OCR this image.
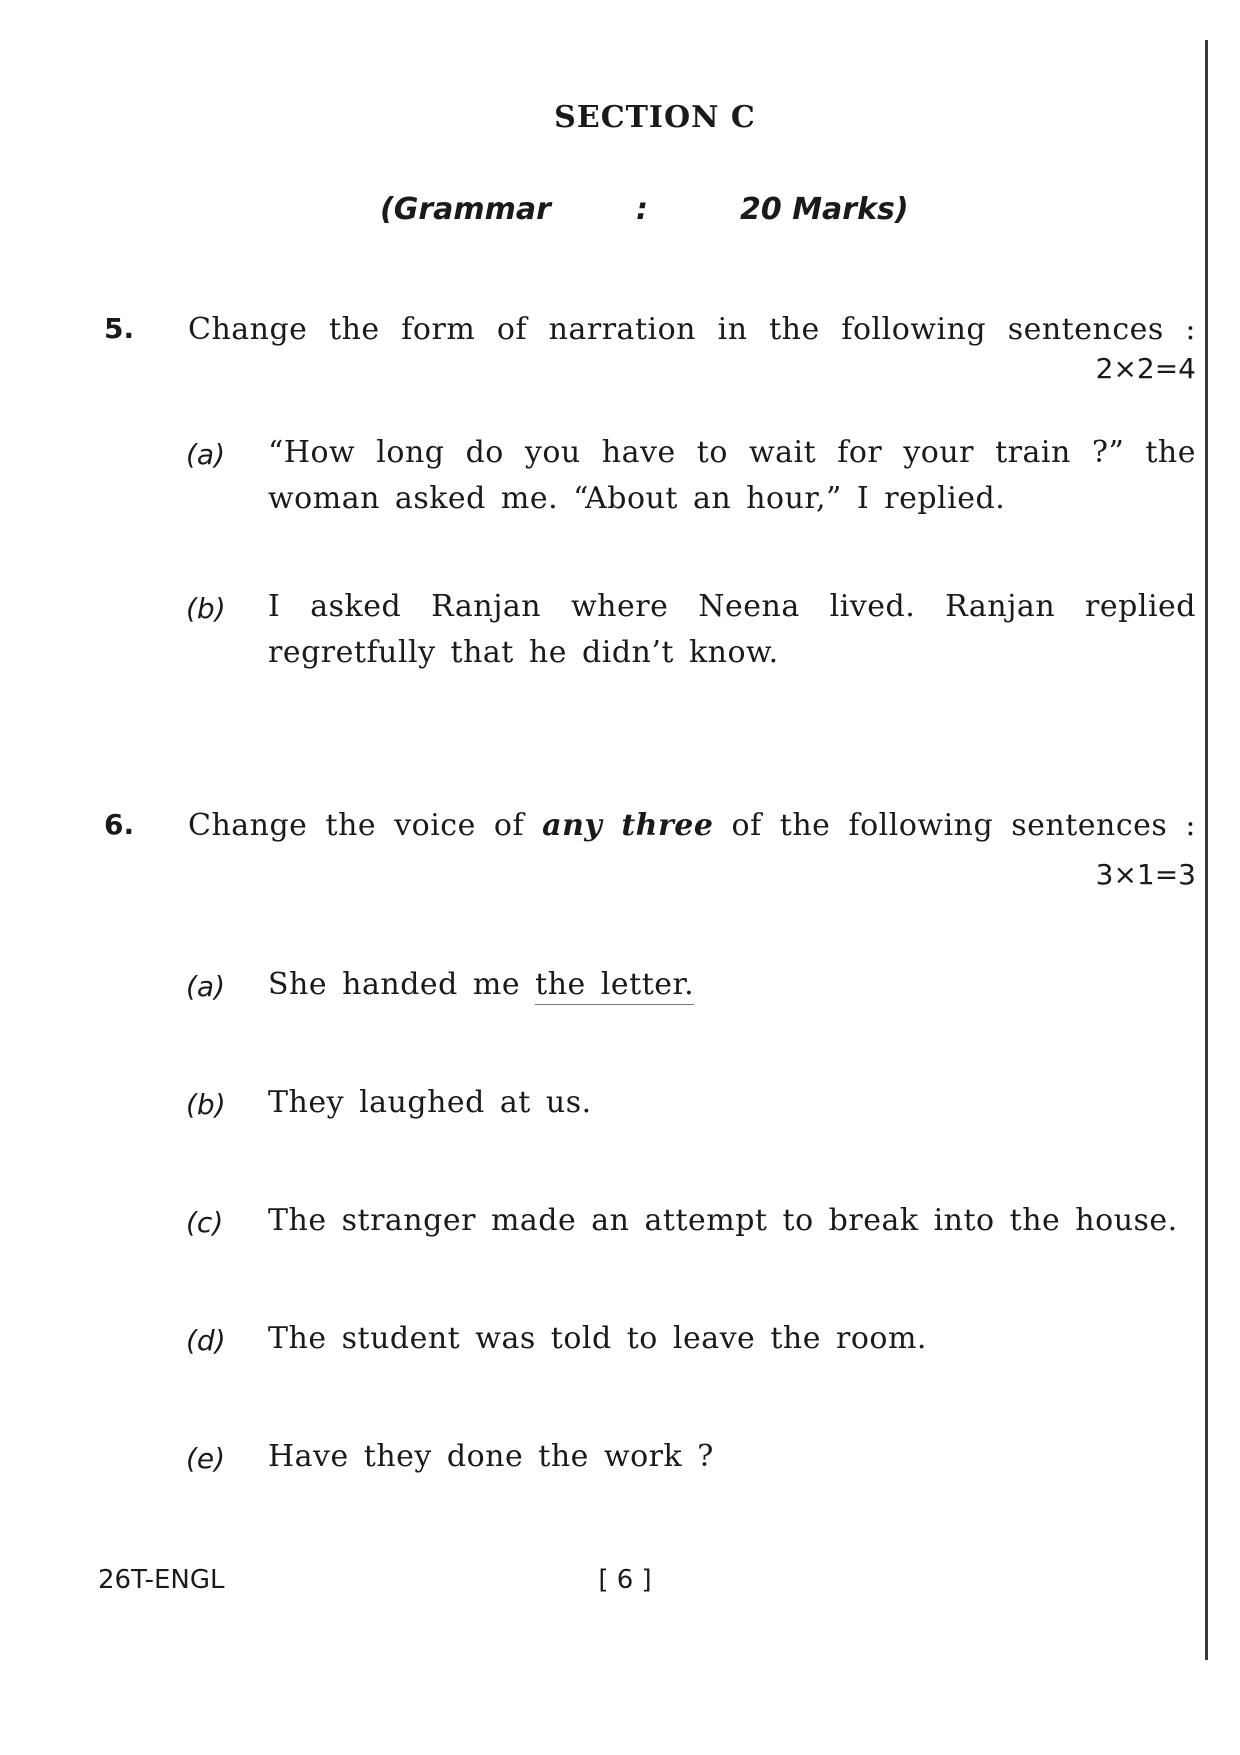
SECTION C
(Grammar	:	20 Marks)
5. Change the form of narration in the following sentences :
2×2=4
(a) “How long do you have to wait for your train ?” the woman asked me. “About an hour,” I replied.
(b) I asked Ranjan where Neena lived. Ranjan replied regretfully that he didn’t know.
6. Change the voice of any three of the following sentences :
3×1=3
(a) She handed me the letter.
(b) They laughed at us.
(c) The stranger made an attempt to break into the house.
(d) The student was told to leave the room.
(e) Have they done the work ?
26T-ENGL	[ 6 ]
